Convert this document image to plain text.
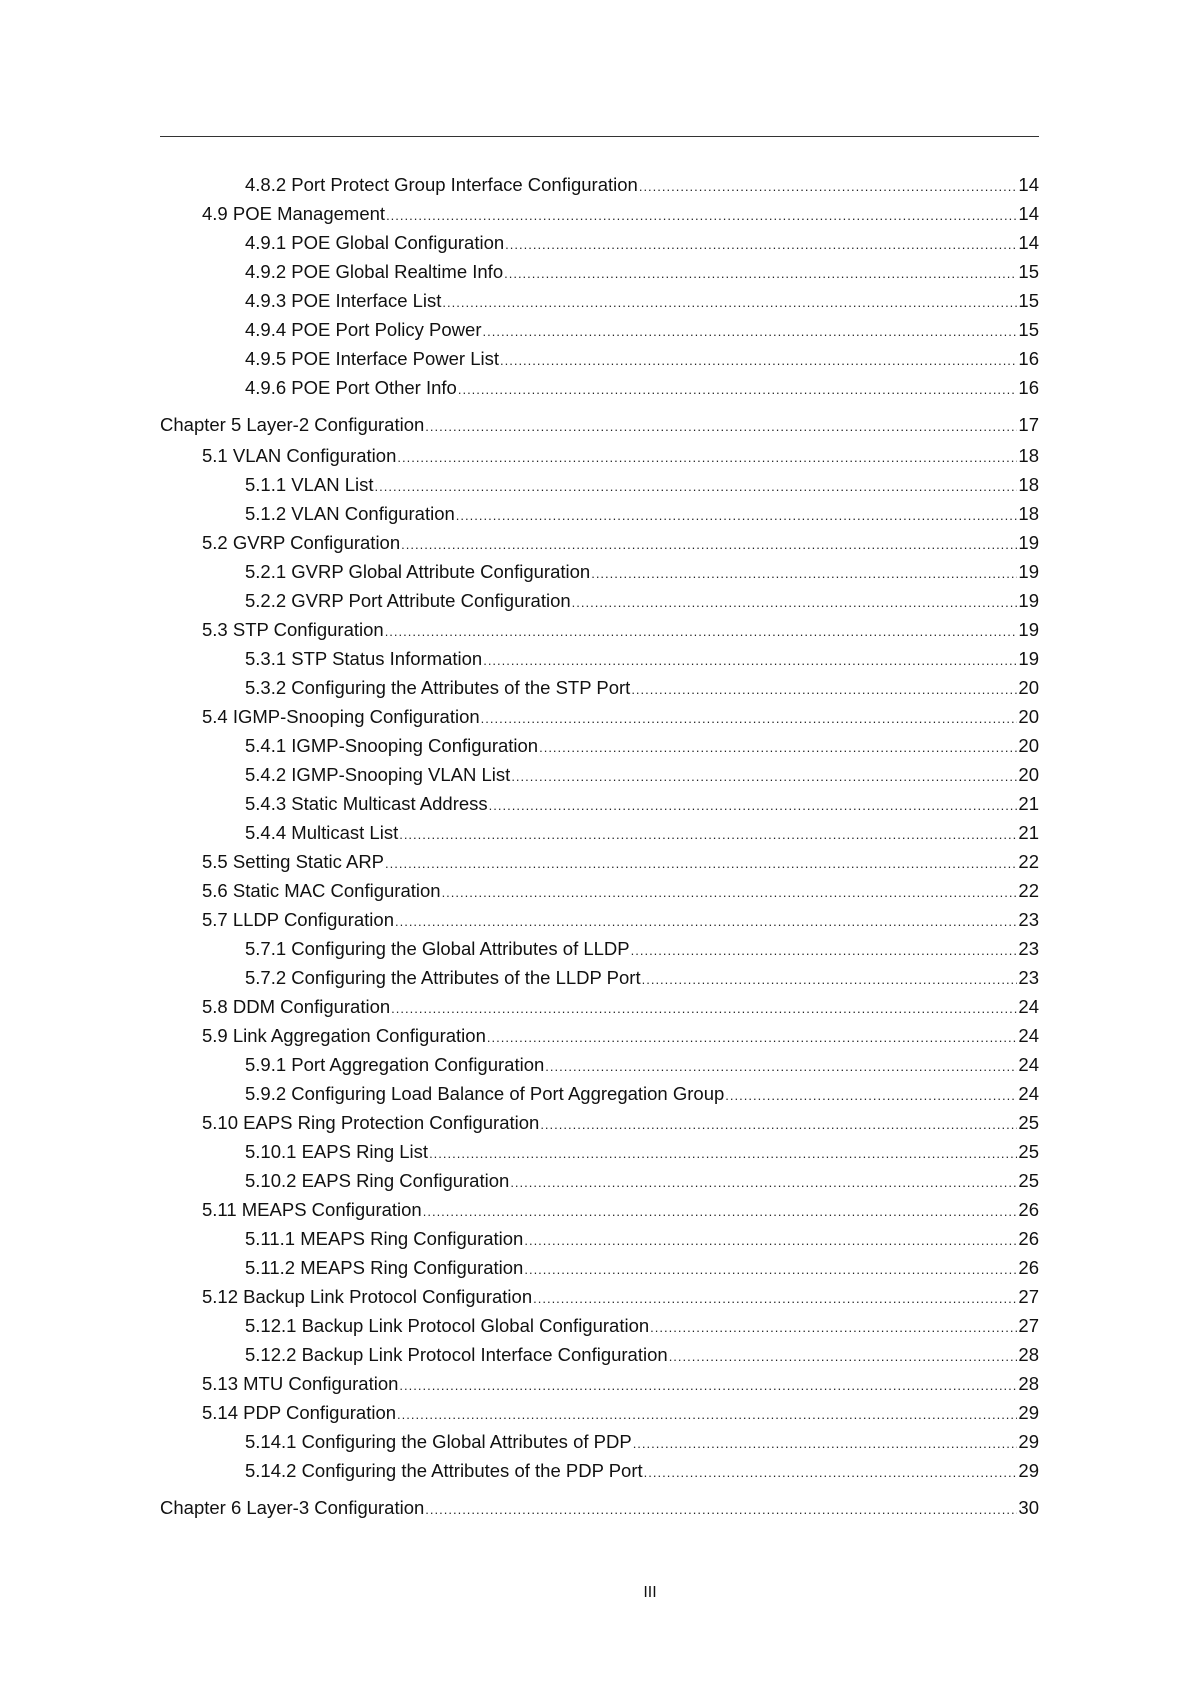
4.8.2 Port Protect Group Interface Configuration .....	14
4.9 POE Management .....	14
4.9.1 POE Global Configuration .....	14
4.9.2 POE Global Realtime Info .....	15
4.9.3 POE Interface List .....	15
4.9.4 POE Port Policy Power .....	15
4.9.5 POE Interface Power List .....	16
4.9.6 POE Port Other Info .....	16
Chapter 5 Layer-2 Configuration .....	17
5.1 VLAN Configuration .....	18
5.1.1 VLAN List .....	18
5.1.2 VLAN Configuration .....	18
5.2 GVRP Configuration .....	19
5.2.1 GVRP Global Attribute Configuration .....	19
5.2.2 GVRP Port Attribute Configuration .....	19
5.3 STP Configuration .....	19
5.3.1 STP Status Information .....	19
5.3.2 Configuring the Attributes of the STP Port .....	20
5.4 IGMP-Snooping Configuration .....	20
5.4.1 IGMP-Snooping Configuration .....	20
5.4.2 IGMP-Snooping VLAN List .....	20
5.4.3 Static Multicast Address .....	21
5.4.4 Multicast List .....	21
5.5 Setting Static ARP .....	22
5.6 Static MAC Configuration .....	22
5.7 LLDP Configuration .....	23
5.7.1 Configuring the Global Attributes of LLDP .....	23
5.7.2 Configuring the Attributes of the LLDP Port .....	23
5.8 DDM Configuration .....	24
5.9 Link Aggregation Configuration .....	24
5.9.1 Port Aggregation Configuration .....	24
5.9.2 Configuring Load Balance of Port Aggregation Group .....	24
5.10 EAPS Ring Protection Configuration .....	25
5.10.1 EAPS Ring List .....	25
5.10.2 EAPS Ring Configuration .....	25
5.11 MEAPS Configuration .....	26
5.11.1 MEAPS Ring Configuration .....	26
5.11.2 MEAPS Ring Configuration .....	26
5.12 Backup Link Protocol Configuration .....	27
5.12.1 Backup Link Protocol Global Configuration .....	27
5.12.2 Backup Link Protocol Interface Configuration .....	28
5.13 MTU Configuration .....	28
5.14 PDP Configuration .....	29
5.14.1 Configuring the Global Attributes of PDP .....	29
5.14.2 Configuring the Attributes of the PDP Port .....	29
Chapter 6 Layer-3 Configuration .....	30
III
